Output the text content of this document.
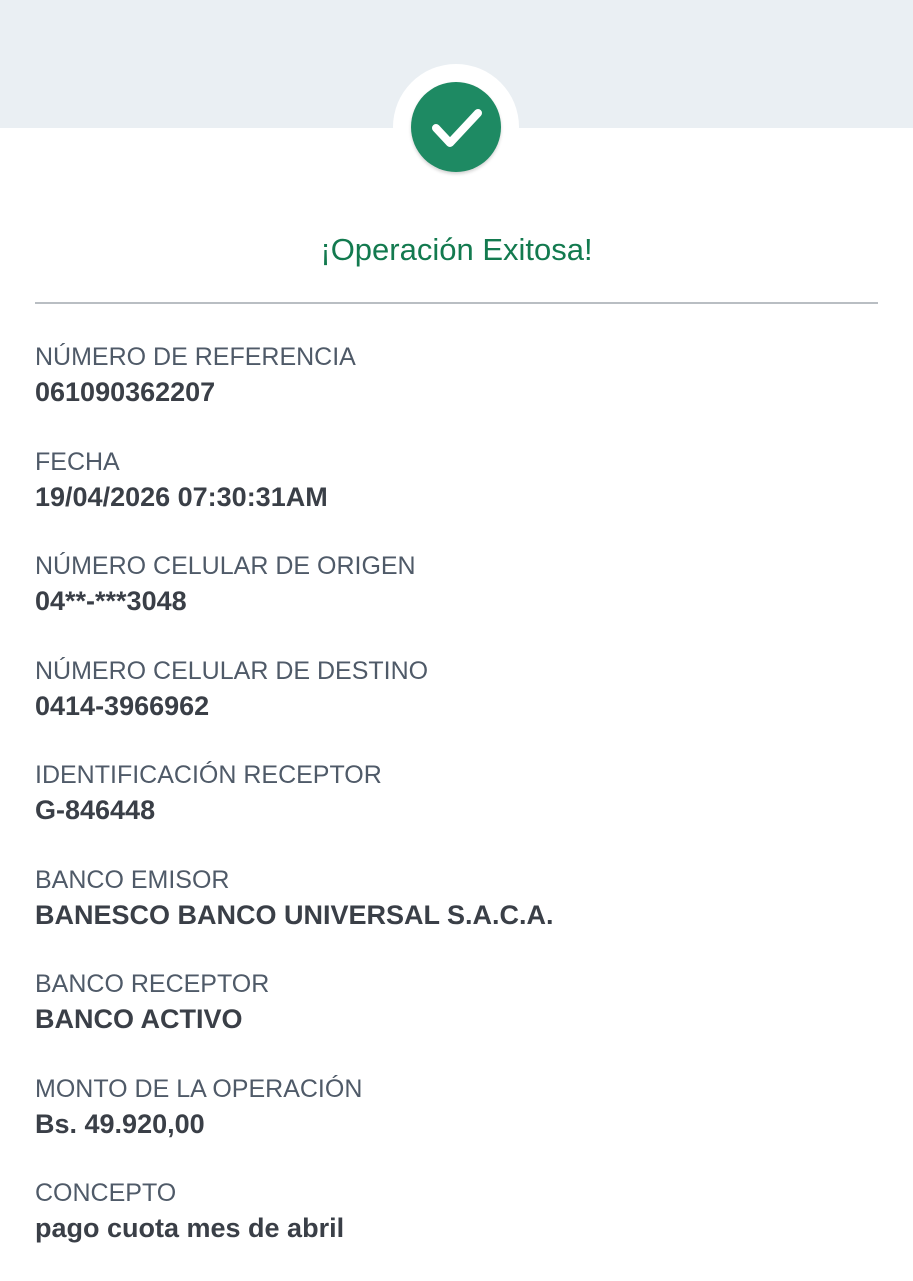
¡Operación Exitosa!
NÚMERO DE REFERENCIA
061090362207
FECHA
19/04/2026 07:30:31AM
NÚMERO CELULAR DE ORIGEN
04**-***3048
NÚMERO CELULAR DE DESTINO
0414-3966962
IDENTIFICACIÓN RECEPTOR
G-846448
BANCO EMISOR
BANESCO BANCO UNIVERSAL S.A.C.A.
BANCO RECEPTOR
BANCO ACTIVO
MONTO DE LA OPERACIÓN
Bs. 49.920,00
CONCEPTO
pago cuota mes de abril
